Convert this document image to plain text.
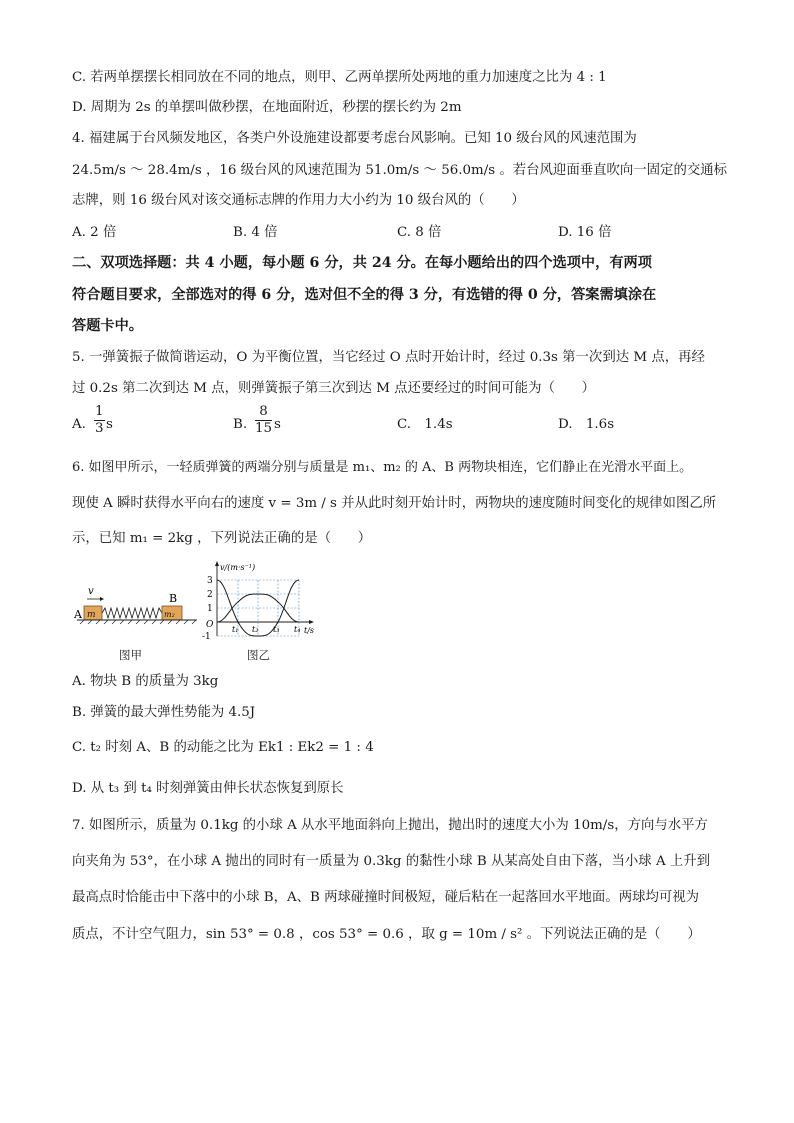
C. 若两单摆摆长相同放在不同的地点，则甲、乙两单摆所处两地的重力加速度之比为 4 : 1
D. 周期为 2s 的单摆叫做秒摆，在地面附近，秒摆的摆长约为 2m
4. 福建属于台风频发地区，各类户外设施建设都要考虑台风影响。已知 10 级台风的风速范围为
24.5m/s ～ 28.4m/s ，16 级台风的风速范围为 51.0m/s ～ 56.0m/s 。若台风迎面垂直吹向一固定的交通标
志牌，则 16 级台风对该交通标志牌的作用力大小约为 10 级台风的（　　）
A. 2 倍	B. 4 倍	C. 8 倍	D. 16 倍
二、双项选择题：共 4 小题，每小题 6 分，共 24 分。在每小题给出的四个选项中，有两项
符合题目要求，全部选对的得 6 分，选对但不全的得 3 分，有选错的得 0 分，答案需填涂在
答题卡中。
5. 一弹簧振子做简谐运动，O 为平衡位置，当它经过 O 点时开始计时，经过 0.3s 第一次到达 M 点，再经
过 0.2s 第二次到达 M 点，则弹簧振子第三次到达 M 点还要经过的时间可能为（　　）
A. $\frac{1}{3}$ s	B. $\frac{8}{15}$ s	C.　1.4s	D.　1.6s
6. 如图甲所示，一轻质弹簧的两端分别与质量是 m₁、m₂ 的 A、B 两物块相连，它们静止在光滑水平面上。
现使 A 瞬时获得水平向右的速度 v = 3m / s 并从此时刻开始计时，两物块的速度随时间变化的规律如图乙所
示，已知 m₁ = 2kg ，下列说法正确的是（　　）
v
A m
B
m₂
图甲
3
2
1
-1
O
v/(m·s⁻¹)
t/s
t₁ t₂ t₃ t₄
图乙
A. 物块 B 的质量为 3kg
B. 弹簧的最大弹性势能为 4.5J
C. t₂ 时刻 A、B 的动能之比为 Ek1 : Ek2 = 1 : 4
D. 从 t₃ 到 t₄ 时刻弹簧由伸长状态恢复到原长
7. 如图所示，质量为 0.1kg 的小球 A 从水平地面斜向上抛出，抛出时的速度大小为 10m/s，方向与水平方
向夹角为 53°，在小球 A 抛出的同时有一质量为 0.3kg 的黏性小球 B 从某高处自由下落，当小球 A 上升到
最高点时恰能击中下落中的小球 B，A、B 两球碰撞时间极短，碰后粘在一起落回水平地面。两球均可视为
质点，不计空气阻力，sin 53° = 0.8 ，cos 53° = 0.6 ，取 g = 10m / s² 。下列说法正确的是（　　）
